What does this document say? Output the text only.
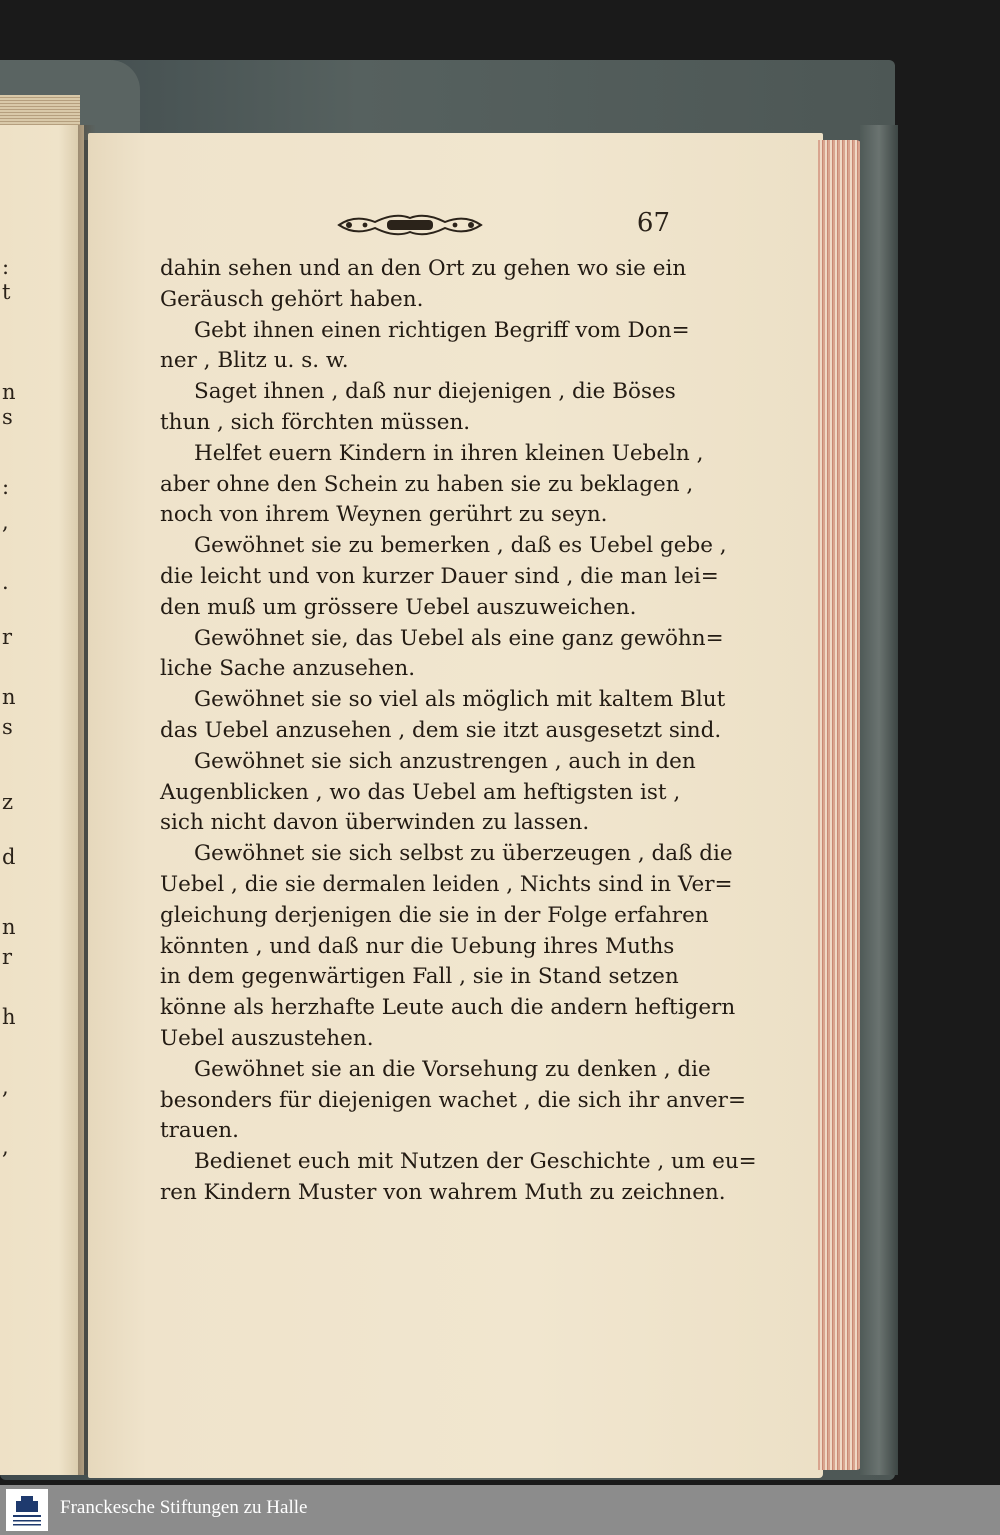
:
t
n
s
:
,
.
r
n
s
z
d
n
r
h
,
,
67
dahin sehen und an den Ort zu gehen wo sie ein
Geräusch gehört haben.
Gebt ihnen einen richtigen Begriff vom Don=
ner , Blitz u. s. w.
Saget ihnen , daß nur diejenigen , die Böses
thun , sich förchten müssen.
Helfet euern Kindern in ihren kleinen Uebeln ,
aber ohne den Schein zu haben sie zu beklagen ,
noch von ihrem Weynen gerührt zu seyn.
Gewöhnet sie zu bemerken , daß es Uebel gebe ,
die leicht und von kurzer Dauer sind , die man lei=
den muß um grössere Uebel auszuweichen.
Gewöhnet sie, das Uebel als eine ganz gewöhn=
liche Sache anzusehen.
Gewöhnet sie so viel als möglich mit kaltem Blut
das Uebel anzusehen , dem sie itzt ausgesetzt sind.
Gewöhnet sie sich anzustrengen , auch in den
Augenblicken , wo das Uebel am heftigsten ist ,
sich nicht davon überwinden zu lassen.
Gewöhnet sie sich selbst zu überzeugen , daß die
Uebel , die sie dermalen leiden , Nichts sind in Ver=
gleichung derjenigen die sie in der Folge erfahren
könnten , und daß nur die Uebung ihres Muths
in dem gegenwärtigen Fall , sie in Stand setzen
könne als herzhafte Leute auch die andern heftigern
Uebel auszustehen.
Gewöhnet sie an die Vorsehung zu denken , die
besonders für diejenigen wachet , die sich ihr anver=
trauen.
Bedienet euch mit Nutzen der Geschichte , um eu=
ren Kindern Muster von wahrem Muth zu zeichnen.
Franckesche Stiftungen zu Halle
